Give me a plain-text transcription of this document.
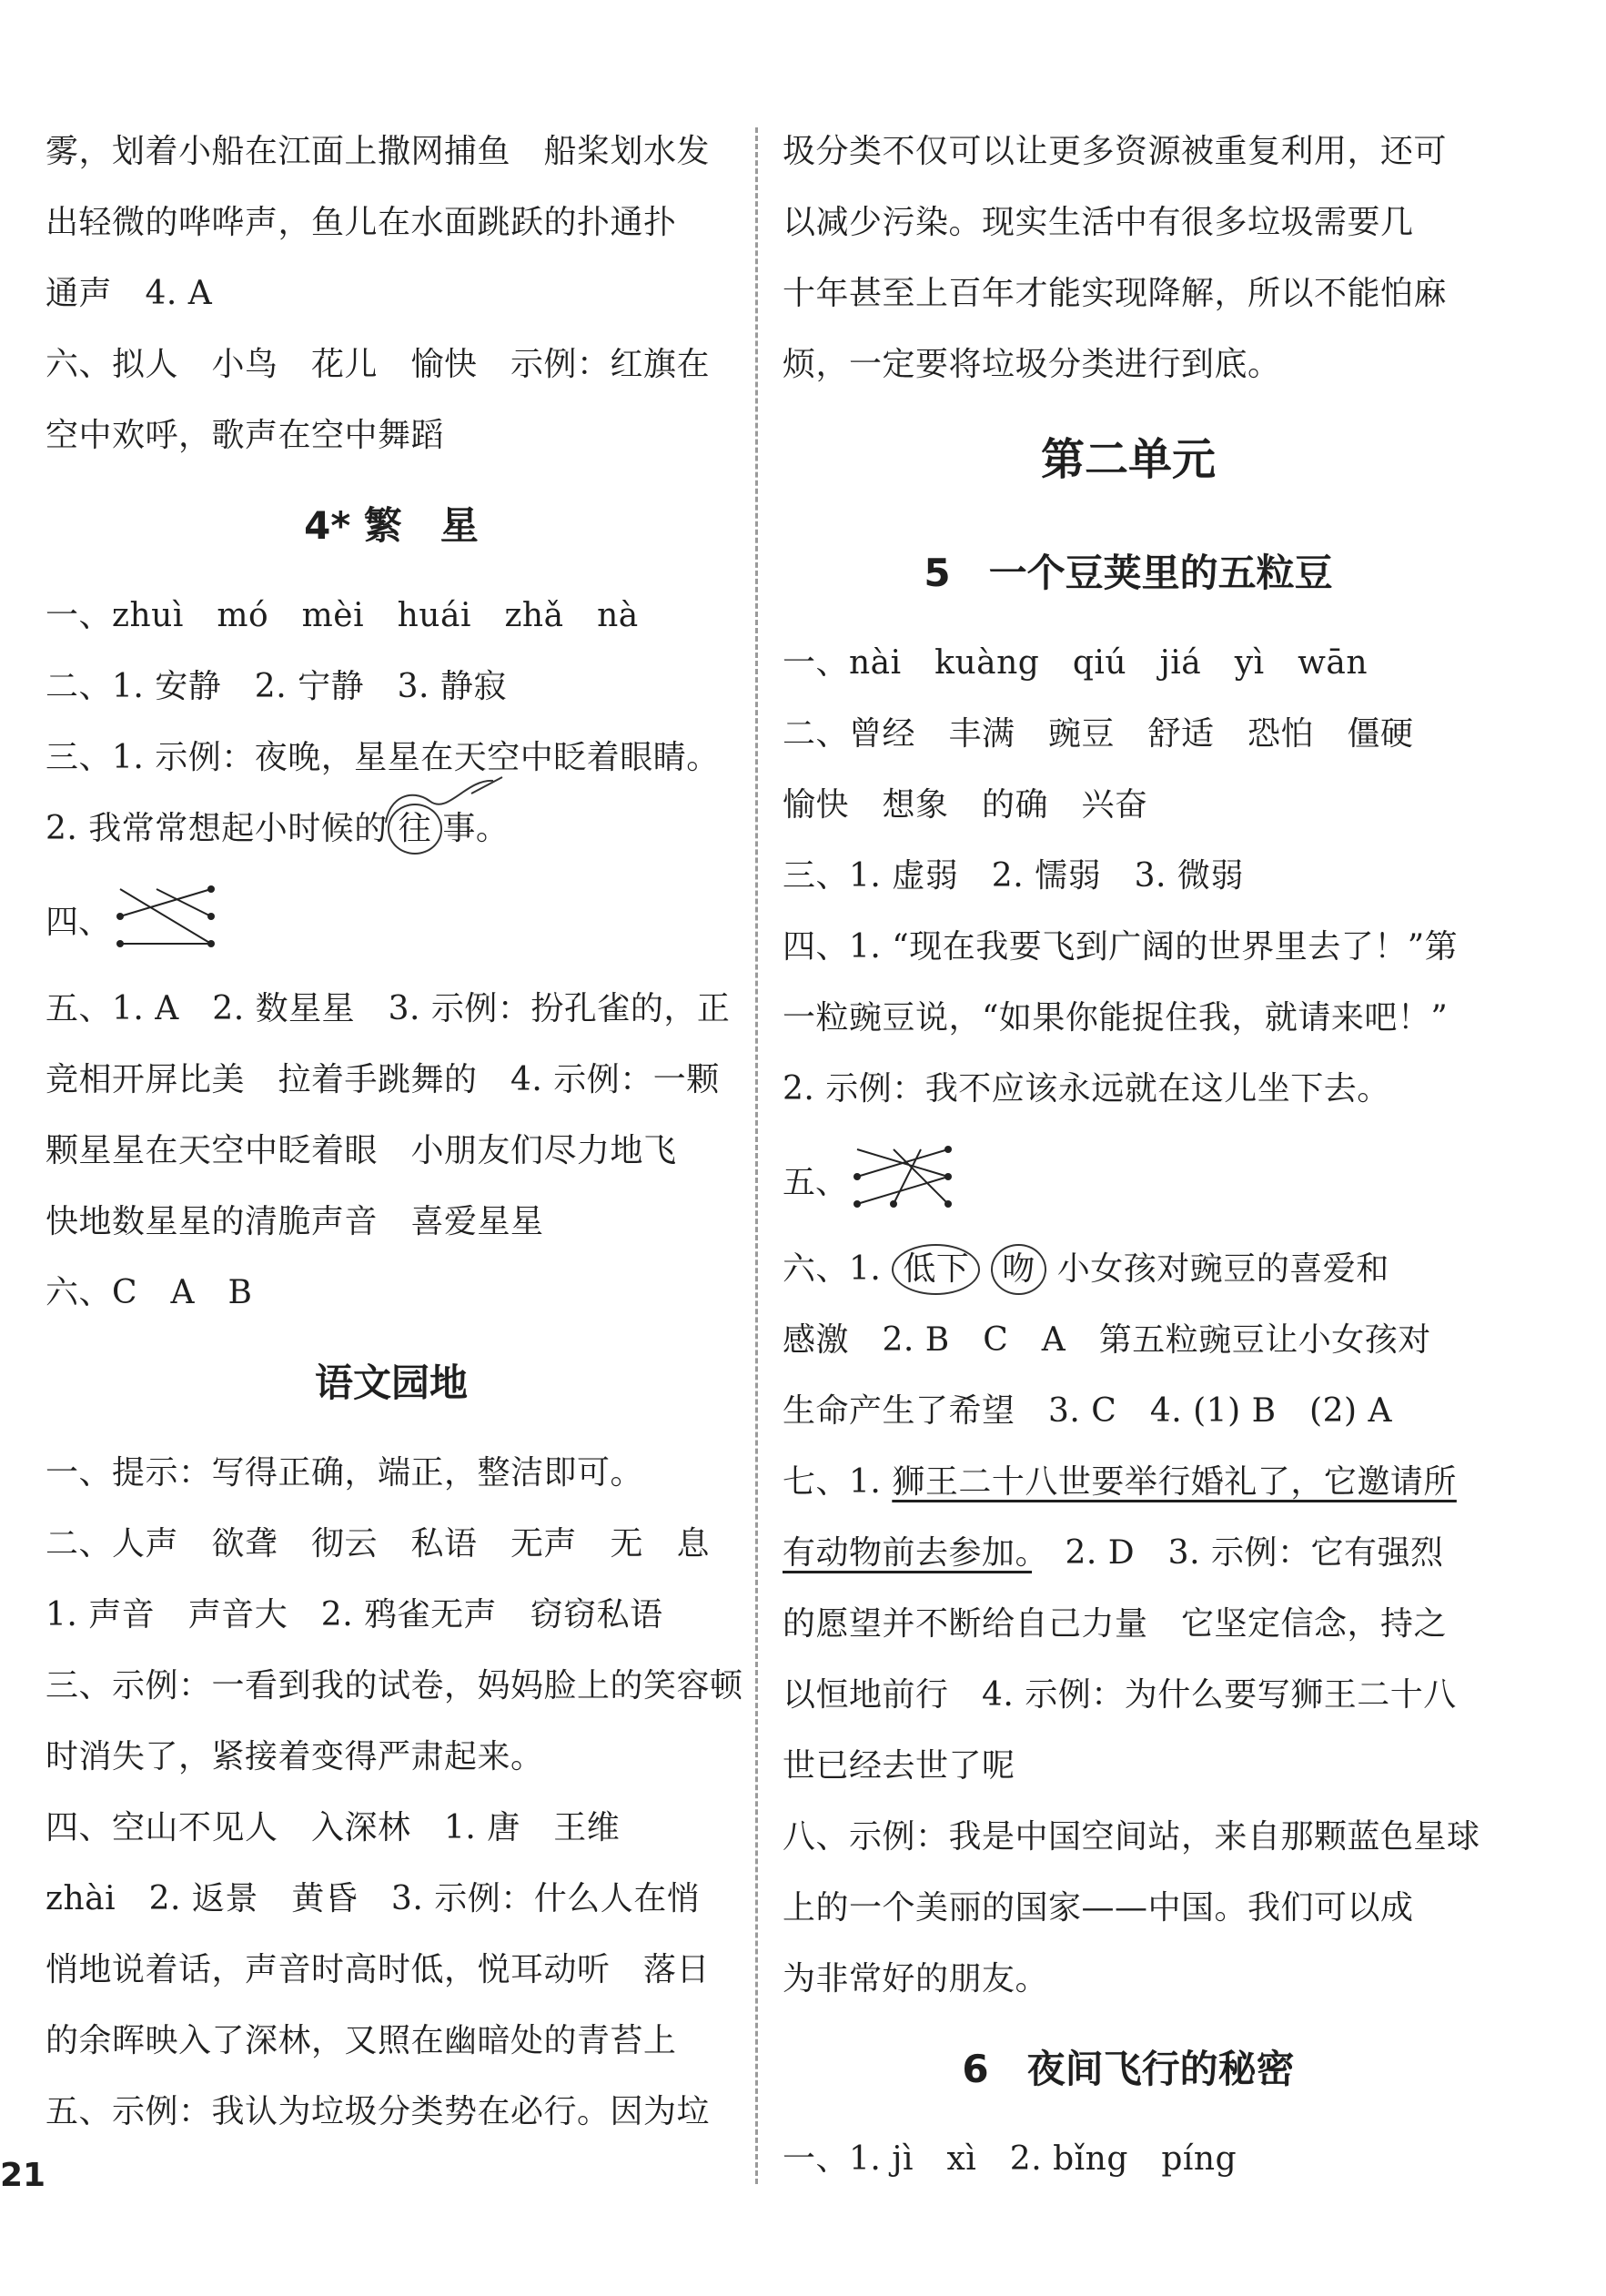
雾，划着小船在江面上撒网捕鱼　船桨划水发
出轻微的哗哗声，鱼儿在水面跳跃的扑通扑
通声　4. A
六、拟人　小鸟　花儿　愉快　示例：红旗在
空中欢呼，歌声在空中舞蹈
4* 繁　星
一、zhuì　mó　mèi　huái　zhǎ　nà
二、1. 安静　2. 宁静　3. 静寂
三、1. 示例：夜晚，星星在天空中眨着眼睛。
2. 我常常想起小时候的 往 事。
四、
五、1. A　2. 数星星　3. 示例：扮孔雀的，正
竞相开屏比美　拉着手跳舞的　4. 示例：一颗
颗星星在天空中眨着眼　小朋友们尽力地飞
快地数星星的清脆声音　喜爱星星
六、C　A　B
语文园地
一、提示：写得正确，端正，整洁即可。
二、人声　欲聋　彻云　私语　无声　无　息
1. 声音　声音大　2. 鸦雀无声　窃窃私语
三、示例：一看到我的试卷，妈妈脸上的笑容顿
时消失了，紧接着变得严肃起来。
四、空山不见人　入深林　1. 唐　王维
zhài　2. 返景　黄昏　3. 示例：什么人在悄
悄地说着话，声音时高时低，悦耳动听　落日
的余晖映入了深林，又照在幽暗处的青苔上
五、示例：我认为垃圾分类势在必行。因为垃
圾分类不仅可以让更多资源被重复利用，还可
以减少污染。现实生活中有很多垃圾需要几
十年甚至上百年才能实现降解，所以不能怕麻
烦，一定要将垃圾分类进行到底。
第二单元
5　一个豆荚里的五粒豆
一、nài　kuàng　qiú　jiá　yì　wān
二、曾经　丰满　豌豆　舒适　恐怕　僵硬
愉快　想象　的确　兴奋
三、1. 虚弱　2. 懦弱　3. 微弱
四、1. “现在我要飞到广阔的世界里去了！”第
一粒豌豆说，“如果你能捉住我，就请来吧！”
2. 示例：我不应该永远就在这儿坐下去。
五、
六、1. 低下 吻 小女孩对豌豆的喜爱和
感激　2. B　C　A　第五粒豌豆让小女孩对
生命产生了希望　3. C　4. (1) B　(2) A
七、1. 狮王二十八世要举行婚礼了，它邀请所
有动物前去参加。　2. D　3. 示例：它有强烈
的愿望并不断给自己力量　它坚定信念，持之
以恒地前行　4. 示例：为什么要写狮王二十八
世已经去世了呢
八、示例：我是中国空间站，来自那颗蓝色星球
上的一个美丽的国家——中国。我们可以成
为非常好的朋友。
6　夜间飞行的秘密
一、1. jì　xì　2. bǐng　píng
21
